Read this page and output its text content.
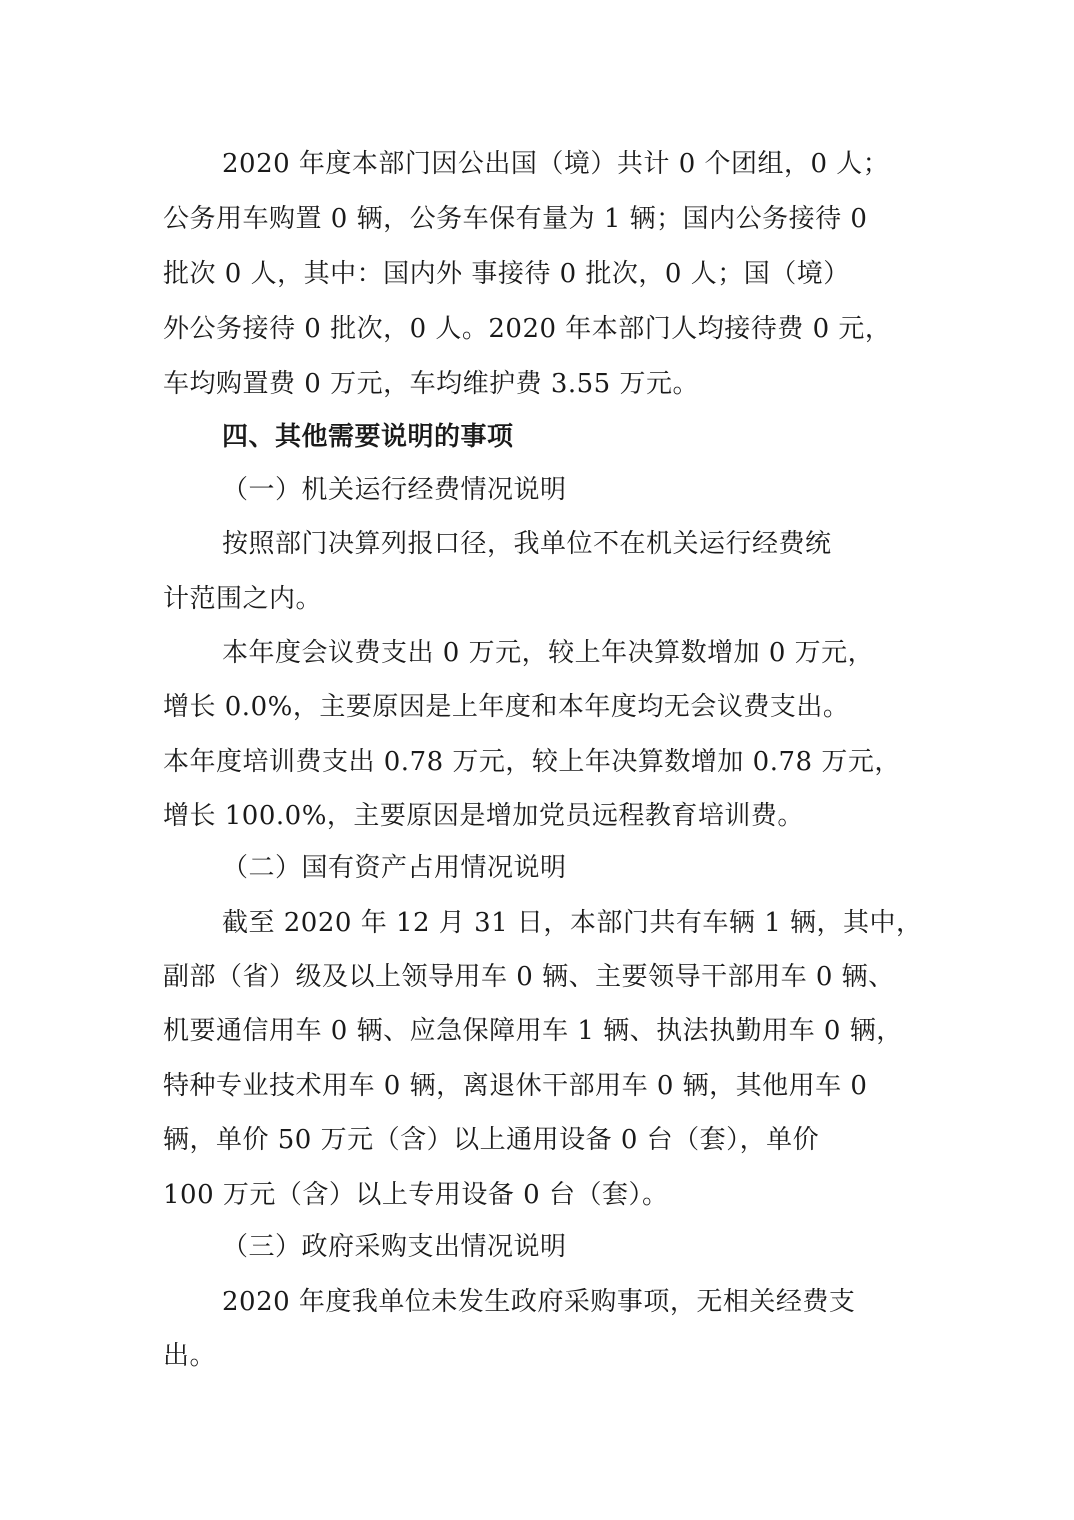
2020 年度本部门因公出国（境）共计 0 个团组，0 人；

公务用车购置 0 辆，公务车保有量为 1 辆；国内公务接待 0

批次 0 人，其中：国内外 事接待 0 批次，0 人；国（境）

外公务接待 0 批次，0 人。2020 年本部门人均接待费 0 元，

车均购置费 0 万元，车均维护费 3.55 万元。

四、其他需要说明的事项

（一）机关运行经费情况说明

按照部门决算列报口径，我单位不在机关运行经费统

计范围之内。

本年度会议费支出 0 万元，较上年决算数增加 0 万元，

增长 0.0%，主要原因是上年度和本年度均无会议费支出。

本年度培训费支出 0.78 万元，较上年决算数增加 0.78 万元，

增长 100.0%，主要原因是增加党员远程教育培训费。

（二）国有资产占用情况说明

截至 2020 年 12 月 31 日，本部门共有车辆 1 辆，其中，

副部（省）级及以上领导用车 0 辆、主要领导干部用车 0 辆、

机要通信用车 0 辆、应急保障用车 1 辆、执法执勤用车 0 辆，

特种专业技术用车 0 辆，离退休干部用车 0 辆，其他用车 0

辆，单价 50 万元（含）以上通用设备 0 台（套），单价

100 万元（含）以上专用设备 0 台（套）。

（三）政府采购支出情况说明

2020 年度我单位未发生政府采购事项，无相关经费支

出。
